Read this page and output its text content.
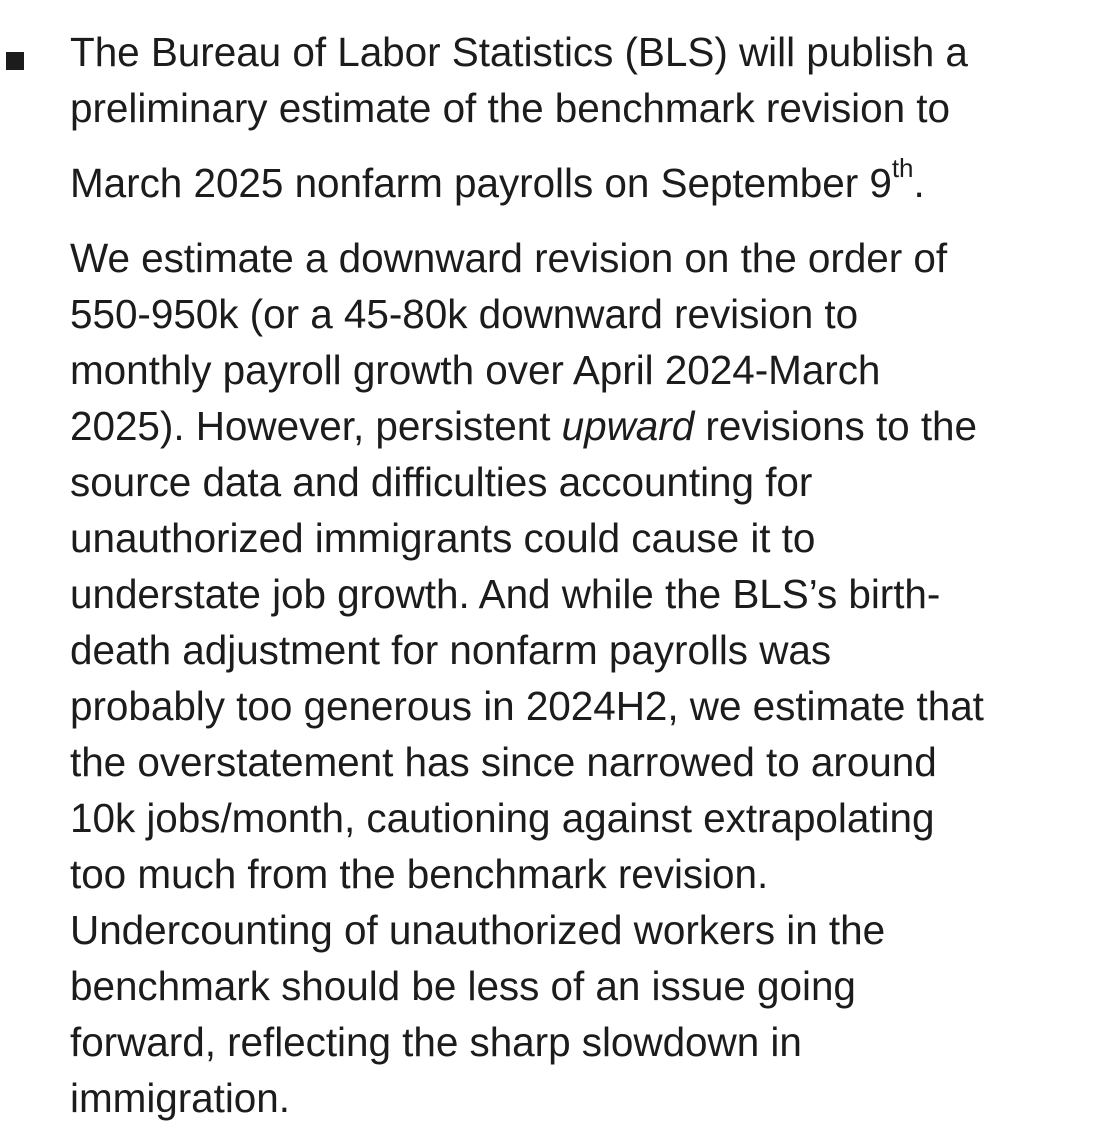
The Bureau of Labor Statistics (BLS) will publish a
preliminary estimate of the benchmark revision to
March 2025 nonfarm payrolls on September 9th.
We estimate a downward revision on the order of
550-950k (or a 45-80k downward revision to
monthly payroll growth over April 2024-March
2025). However, persistent upward revisions to the
source data and difficulties accounting for
unauthorized immigrants could cause it to
understate job growth. And while the BLS’s birth-
death adjustment for nonfarm payrolls was
probably too generous in 2024H2, we estimate that
the overstatement has since narrowed to around
10k jobs/month, cautioning against extrapolating
too much from the benchmark revision.
Undercounting of unauthorized workers in the
benchmark should be less of an issue going
forward, reflecting the sharp slowdown in
immigration.
